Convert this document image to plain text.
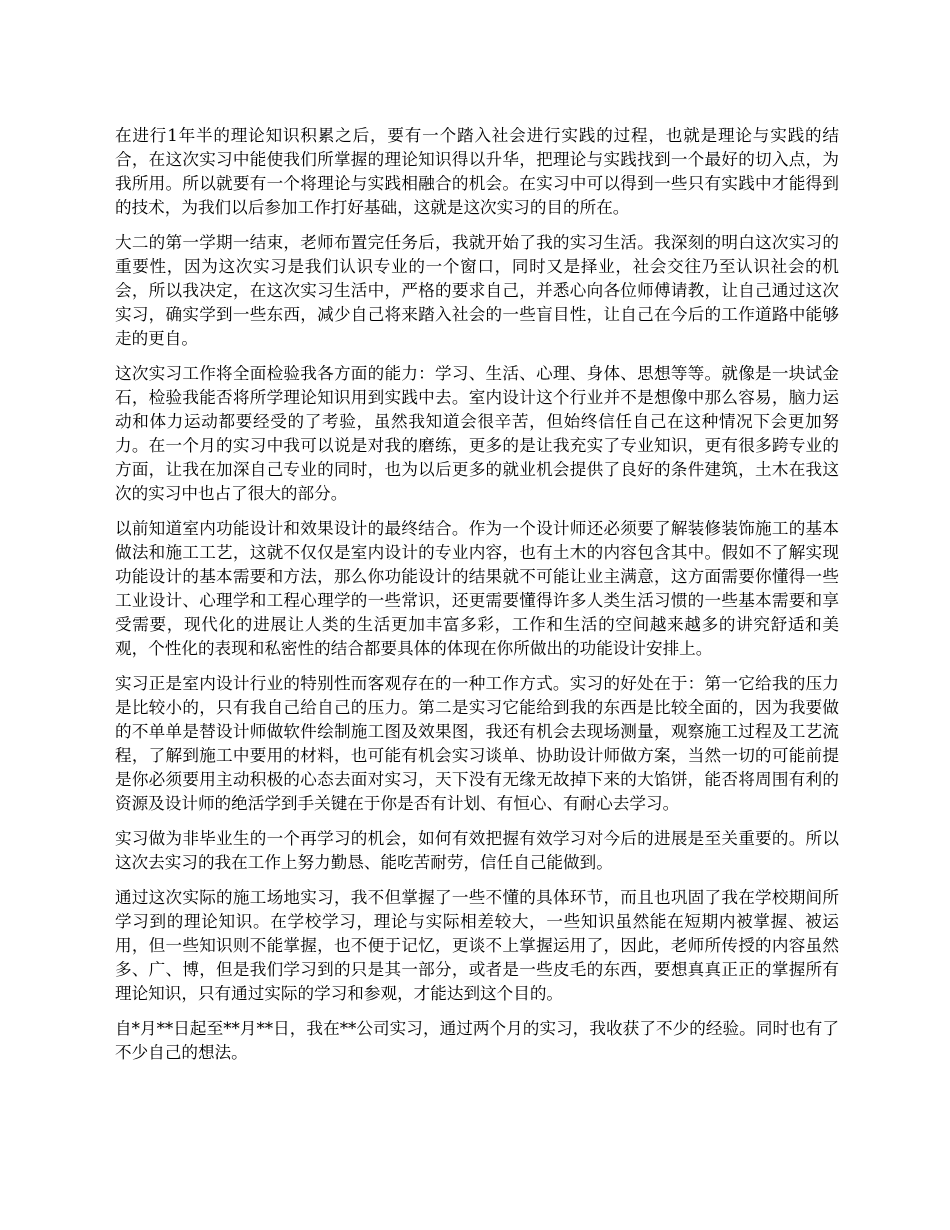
在进行1年半的理论知识积累之后，要有一个踏入社会进行实践的过程，也就是理论与实践的结合，在这次实习中能使我们所掌握的理论知识得以升华，把理论与实践找到一个最好的切入点，为我所用。所以就要有一个将理论与实践相融合的机会。在实习中可以得到一些只有实践中才能得到的技术，为我们以后参加工作打好基础，这就是这次实习的目的所在。

大二的第一学期一结束，老师布置完任务后，我就开始了我的实习生活。我深刻的明白这次实习的重要性，因为这次实习是我们认识专业的一个窗口，同时又是择业，社会交往乃至认识社会的机会，所以我决定，在这次实习生活中，严格的要求自己，并悉心向各位师傅请教，让自己通过这次实习，确实学到一些东西，减少自己将来踏入社会的一些盲目性，让自己在今后的工作道路中能够走的更自。

这次实习工作将全面检验我各方面的能力：学习、生活、心理、身体、思想等等。就像是一块试金石，检验我能否将所学理论知识用到实践中去。室内设计这个行业并不是想像中那么容易，脑力运动和体力运动都要经受的了考验，虽然我知道会很辛苦，但始终信任自己在这种情况下会更加努力。在一个月的实习中我可以说是对我的磨练，更多的是让我充实了专业知识，更有很多跨专业的方面，让我在加深自己专业的同时，也为以后更多的就业机会提供了良好的条件建筑，土木在我这次的实习中也占了很大的部分。

以前知道室内功能设计和效果设计的最终结合。作为一个设计师还必须要了解装修装饰施工的基本做法和施工工艺，这就不仅仅是室内设计的专业内容，也有土木的内容包含其中。假如不了解实现功能设计的基本需要和方法，那么你功能设计的结果就不可能让业主满意，这方面需要你懂得一些工业设计、心理学和工程心理学的一些常识，还更需要懂得许多人类生活习惯的一些基本需要和享受需要，现代化的进展让人类的生活更加丰富多彩，工作和生活的空间越来越多的讲究舒适和美观，个性化的表现和私密性的结合都要具体的体现在你所做出的功能设计安排上。

实习正是室内设计行业的特别性而客观存在的一种工作方式。实习的好处在于：第一它给我的压力是比较小的，只有我自己给自己的压力。第二是实习它能给到我的东西是比较全面的，因为我要做的不单单是替设计师做软件绘制施工图及效果图，我还有机会去现场测量，观察施工过程及工艺流程，了解到施工中要用的材料，也可能有机会实习谈单、协助设计师做方案，当然一切的可能前提是你必须要用主动积极的心态去面对实习，天下没有无缘无故掉下来的大馅饼，能否将周围有利的资源及设计师的绝活学到手关键在于你是否有计划、有恒心、有耐心去学习。

实习做为非毕业生的一个再学习的机会，如何有效把握有效学习对今后的进展是至关重要的。所以这次去实习的我在工作上努力勤恳、能吃苦耐劳，信任自己能做到。

通过这次实际的施工场地实习，我不但掌握了一些不懂的具体环节，而且也巩固了我在学校期间所学习到的理论知识。在学校学习，理论与实际相差较大，一些知识虽然能在短期内被掌握、被运用，但一些知识则不能掌握，也不便于记忆，更谈不上掌握运用了，因此，老师所传授的内容虽然多、广、博，但是我们学习到的只是其一部分，或者是一些皮毛的东西，要想真真正正的掌握所有理论知识，只有通过实际的学习和参观，才能达到这个目的。

自*月**日起至**月**日，我在**公司实习，通过两个月的实习，我收获了不少的经验。同时也有了不少自己的想法。
